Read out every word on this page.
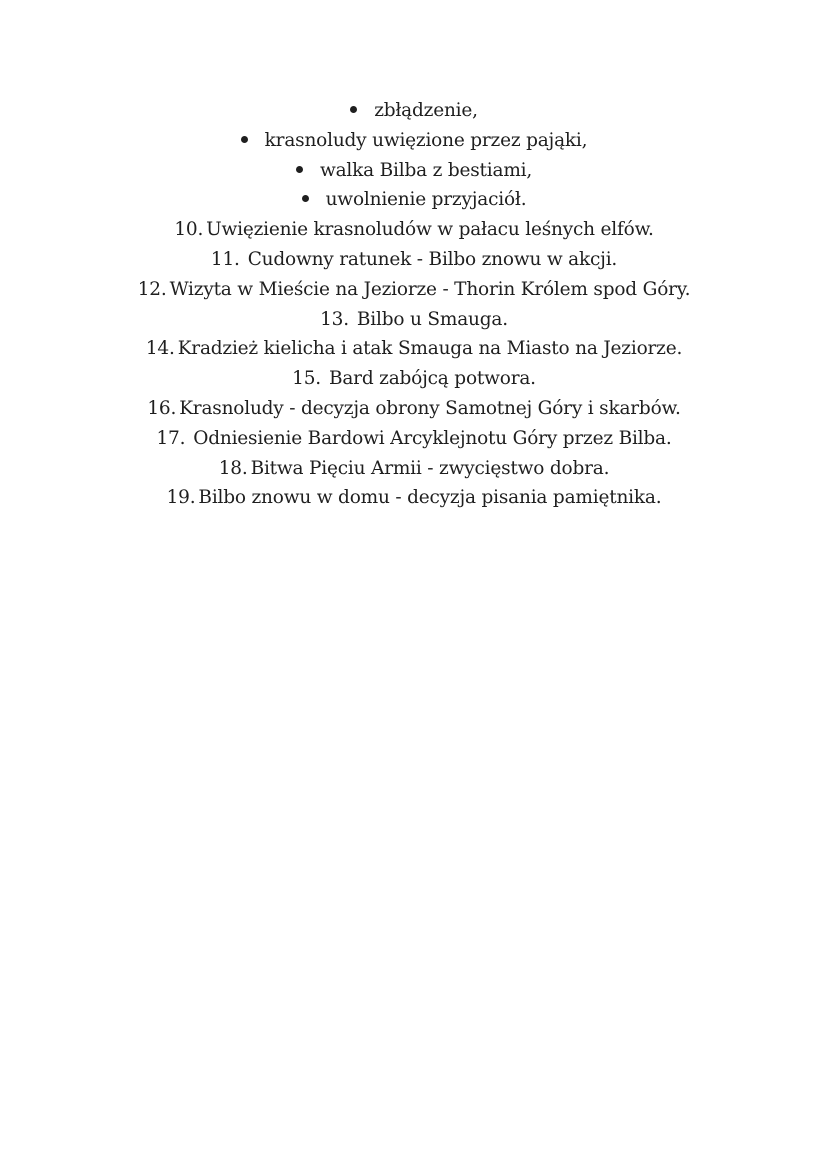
zbłądzenie,
krasnoludy uwięzione przez pająki,
walka Bilba z bestiami,
uwolnienie przyjaciół.
10. Uwięzienie krasnoludów w pałacu leśnych elfów.
11. Cudowny ratunek - Bilbo znowu w akcji.
12. Wizyta w Mieście na Jeziorze - Thorin Królem spod Góry.
13. Bilbo u Smauga.
14. Kradzież kielicha i atak Smauga na Miasto na Jeziorze.
15. Bard zabójcą potwora.
16. Krasnoludy - decyzja obrony Samotnej Góry i skarbów.
17. Odniesienie Bardowi Arcyklejnotu Góry przez Bilba.
18. Bitwa Pięciu Armii - zwycięstwo dobra.
19. Bilbo znowu w domu - decyzja pisania pamiętnika.
